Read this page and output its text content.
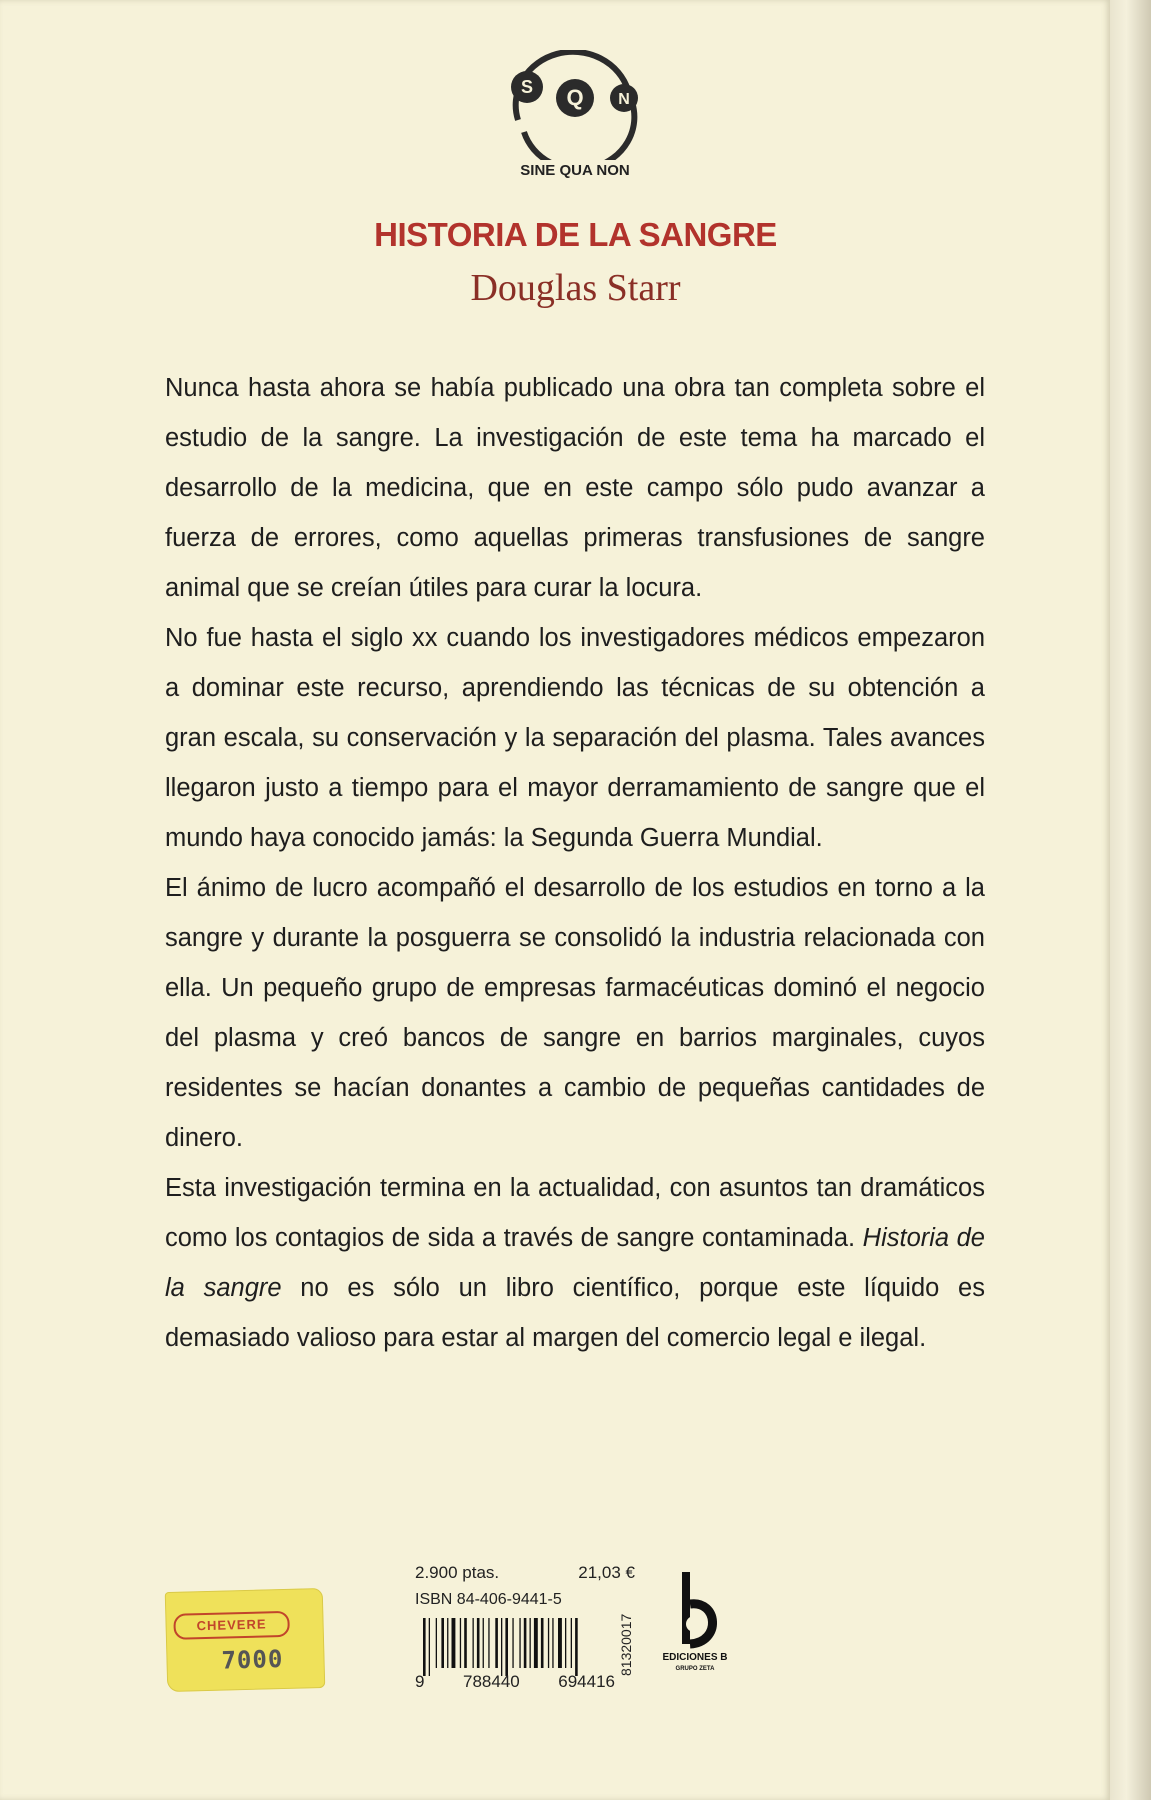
S Q N
SINE QUA NON
HISTORIA DE LA SANGRE
Douglas Starr

Nunca hasta ahora se había publicado una obra tan completa sobre el estudio de la sangre. La investigación de este tema ha marcado el desarrollo de la medicina, que en este campo sólo pudo avanzar a fuerza de errores, como aquellas primeras transfusiones de sangre animal que se creían útiles para curar la locura.

No fue hasta el siglo xx cuando los investigadores médicos empezaron a dominar este recurso, aprendiendo las técnicas de su obtención a gran escala, su conservación y la separación del plasma. Tales avances llegaron justo a tiempo para el mayor derramamiento de sangre que el mundo haya conocido jamás: la Segunda Guerra Mundial.

El ánimo de lucro acompañó el desarrollo de los estudios en torno a la sangre y durante la posguerra se consolidó la industria relacionada con ella. Un pequeño grupo de empresas farmacéuticas dominó el negocio del plasma y creó bancos de sangre en barrios marginales, cuyos residentes se hacían donantes a cambio de pequeñas cantidades de dinero.

Esta investigación termina en la actualidad, con asuntos tan dramáticos como los contagios de sida a través de sangre contaminada. Historia de la sangre no es sólo un libro científico, porque este líquido es demasiado valioso para estar al margen del comercio legal e ilegal.

CHEVERE
7000
2.900 ptas.	21,03 €
ISBN 84-406-9441-5
9 788440 694416
81320017	EDICIONES B
GRUPO ZETA
